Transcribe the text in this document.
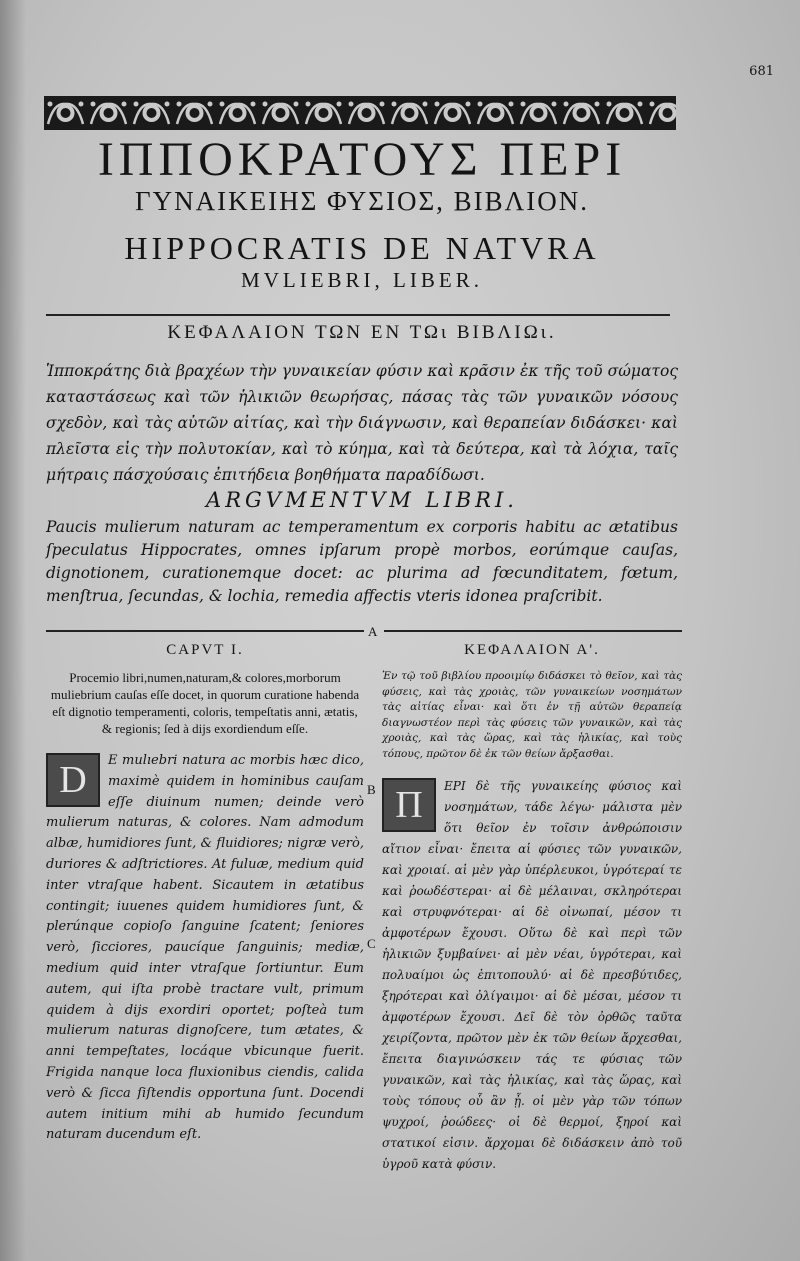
681
ΙΠΠΟΚΡΑΤΟΥΣ ΠΕΡΙ
ΓΥΝΑΙΚΕΙΗΣ ΦΥΣΙΟΣ, ΒΙΒΛΙΟΝ.
HIPPOCRATIS DE NATVRA
MVLIEBRI, LIBER.
ΚΕΦΑΛΑΙΟΝ ΤΩΝ ΕΝ ΤΩι ΒΙΒΛΙΩι.
Ἱπποκράτης διὰ βραχέων τὴν γυναικείαν φύσιν καὶ κρᾶσιν ἐκ τῆς τοῦ σώματος καταστάσεως καὶ τῶν ἡλικιῶν θεωρήσας, πάσας τὰς τῶν γυναικῶν νόσους σχεδὸν, καὶ τὰς αὐτῶν αἰτίας, καὶ τὴν διάγνωσιν, καὶ θεραπείαν διδάσκει· καὶ πλεῖστα εἰς τὴν πολυτοκίαν, καὶ τὸ κύημα, καὶ τὰ δεύτερα, καὶ τὰ λόχια, ταῖς μήτραις πάσχούσαις ἐπιτήδεια βοηθήματα παραδίδωσι.
ARGVMENTVM LIBRI.
Paucis mulierum naturam ac temperamentum ex corporis habitu ac ætatibus ſpeculatus Hippocrates, omnes ipſarum propè morbos, eorúmque cauſas, dignotionem, curationemque docet: ac plurima ad fœcunditatem, fœtum, menſtrua, ſecundas, & lochia, remedia affectis vteris idonea praſcribit.
A
B
C
CAPVT I.
Procemio libri,numen,naturam,& colores,morborum muliebrium cauſas eſſe docet, in quorum curatione habenda eſt dignotio temperamenti, coloris, tempeſtatis anni, ætatis, & regionis; ſed à dijs exordiendum eſſe.
D	E mulıebri natura ac morbis hæc dico, maximè quidem in hominibus cauſam eſſe diuinum numen; deinde verò mulierum naturas, & colores. Nam admodum albæ, humidiores ſunt, & fluidiores; nigræ verò, duriores & adſtrictiores. At fuluæ, medium quid inter vtraſque habent. Sicautem in ætatibus contingit; iuuenes quidem humidiores ſunt, & plerúnque copioſo ſanguine ſcatent; ſeniores verò, ſicciores, paucíque ſanguinis; mediæ, medium quid inter vtraſque ſortiuntur. Eum autem, qui iſta probè tractare vult, primum quidem à dijs exordiri oportet; poſteà tum mulierum naturas dignoſcere, tum ætates, & anni tempeſtates, locáque vbicunque fuerit. Frigida nanque loca fluxionibus ciendis, calida verò & ſicca ſiſtendis opportuna ſunt. Docendi autem initium mihi ab humido ſecundum naturam ducendum eſt.
ΚΕΦΑΛΑΙΟΝ Α'.
Ἐν τῷ τοῦ βιβλίου προοιμίῳ διδάσκει τὸ θεῖον, καὶ τὰς φύσεις, καὶ τὰς χροιὰς, τῶν γυναικείων νοσημάτων τὰς αἰτίας εἶναι· καὶ ὅτι ἐν τῇ αὐτῶν θεραπείᾳ διαγνωστέον περὶ τὰς φύσεις τῶν γυναικῶν, καὶ τὰς χροιὰς, καὶ τὰς ὥρας, καὶ τὰς ἡλικίας, καὶ τοὺς τόπους, πρῶτον δὲ ἐκ τῶν θείων ἄρξασθαι.
Π	ΕΡΙ δὲ τῆς γυναικείης φύσιος καὶ νοσημάτων, τάδε λέγω· μάλιστα μὲν ὅτι θεῖον ἐν τοῖσιν ἀνθρώποισιν αἴτιον εἶναι· ἔπειτα αἱ φύσιες τῶν γυναικῶν, καὶ χροιαί. αἱ μὲν γὰρ ὑπέρλευκοι, ὑγρότεραί τε καὶ ῥοωδέστεραι· αἱ δὲ μέλαιναι, σκληρότεραι καὶ στρυφνότεραι· αἱ δὲ οἰνωπαί, μέσον τι ἀμφοτέρων ἔχουσι. Οὕτω δὲ καὶ περὶ τῶν ἡλικιῶν ξυμβαίνει· αἱ μὲν νέαι, ὑγρότεραι, καὶ πολυαίμοι ὡς ἐπιτοπουλύ· αἱ δὲ πρεσβύτιδες, ξηρότεραι καὶ ὀλίγαιμοι· αἱ δὲ μέσαι, μέσον τι ἀμφοτέρων ἔχουσι. Δεῖ δὲ τὸν ὀρθῶς ταῦτα χειρίζοντα, πρῶτον μὲν ἐκ τῶν θείων ἄρχεσθαι, ἔπειτα διαγινώσκειν τάς τε φύσιας τῶν γυναικῶν, καὶ τὰς ἡλικίας, καὶ τὰς ὥρας, καὶ τοὺς τόπους οὗ ἂν ᾖ. οἱ μὲν γὰρ τῶν τόπων ψυχροί, ῥοώδεες· οἱ δὲ θερμοί, ξηροί καὶ στατικοί εἰσιν. ἄρχομαι δὲ διδάσκειν ἀπὸ τοῦ ὑγροῦ κατὰ φύσιν.
